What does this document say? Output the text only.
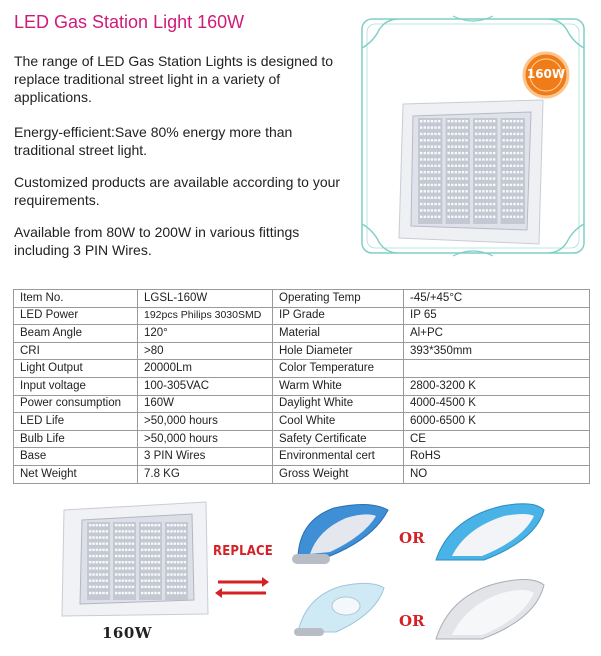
LED Gas Station Light 160W
The range of LED Gas Station Lights is designed to replace traditional street light in a variety of applications.
Energy-efficient:Save 80% energy more than traditional street light.
Customized products are available according to your requirements.
Available from 80W to 200W in various fittings including 3 PIN Wires.
160W
Item No.	LGSL-160W	Operating Temp	-45/+45°C
LED Power	192pcs Philips 3030SMD	IP Grade	IP 65
Beam Angle	120°	Material	Al+PC
CRI	>80	Hole Diameter	393*350mm
Light Output	20000Lm	Color Temperature	
Input voltage	100-305VAC	Warm White	2800-3200 K
Power consumption	160W	Daylight White	4000-4500 K
LED Life	>50,000 hours	Cool White	6000-6500 K
Bulb Life	>50,000 hours	Safety Certificate	CE
Base	3 PIN Wires	Environmental cert	RoHS
Net Weight	7.8 KG	Gross Weight	NO
160W
REPLACE
OR
OR
